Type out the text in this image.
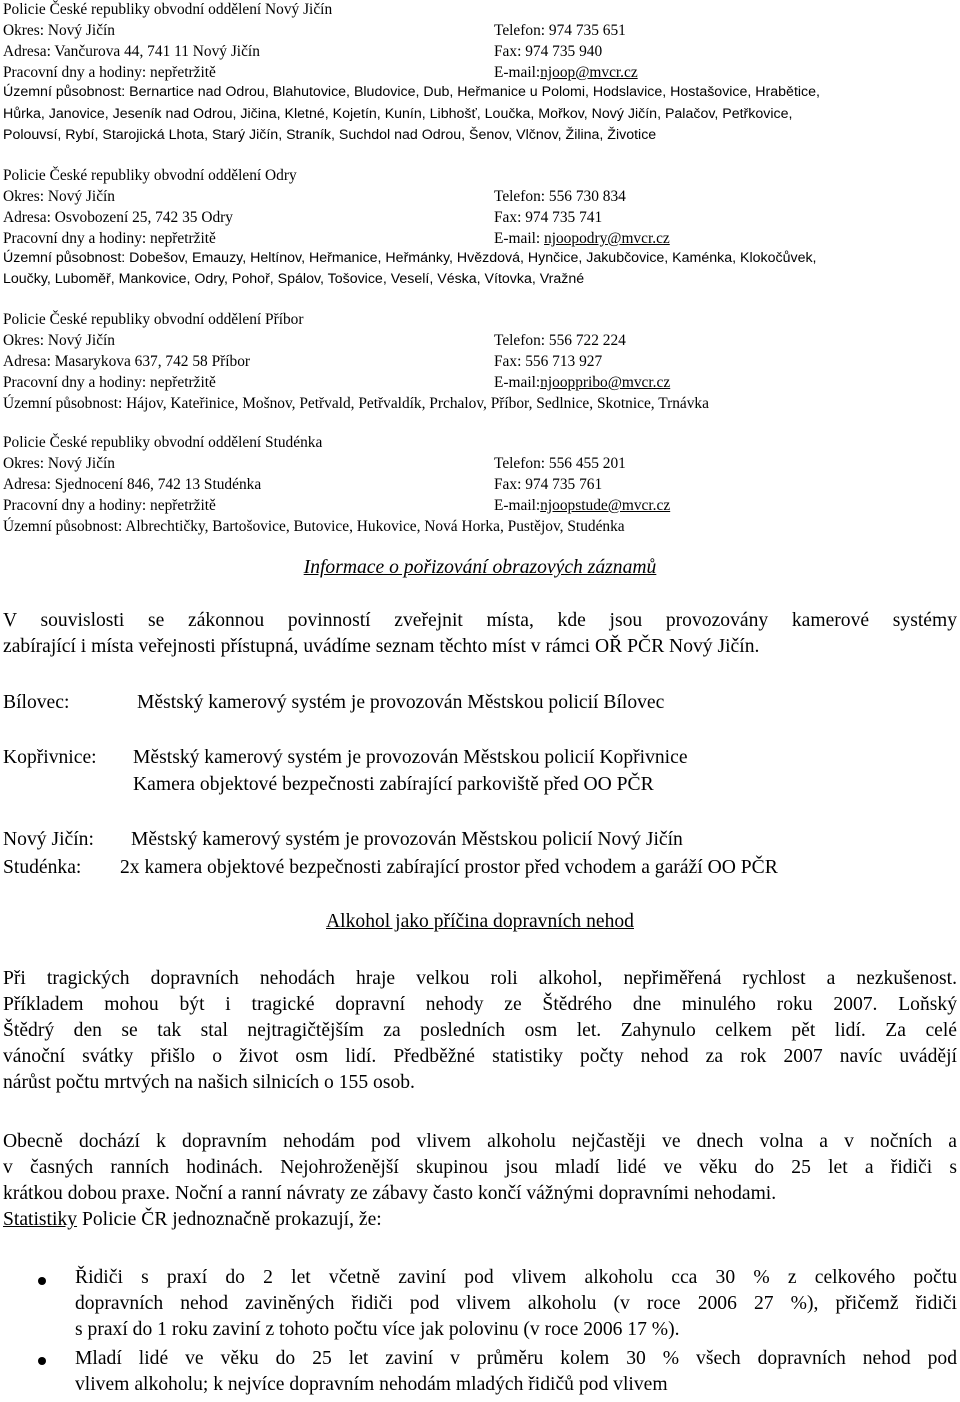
Policie České republiky obvodní oddělení Nový Jičín
Okres: Nový Jičín	Telefon: 974 735 651
Adresa: Vančurova 44, 741 11 Nový Jičín	Fax: 974 735 940
Pracovní dny a hodiny: nepřetržitě	E-mail:njoop@mvcr.cz
Územní působnost: Bernartice nad Odrou, Blahutovice, Bludovice, Dub, Heřmanice u Polomi, Hodslavice, Hostašovice, Hrabětice,
Hůrka, Janovice, Jeseník nad Odrou, Jičina, Kletné, Kojetín, Kunín, Libhošť, Loučka, Mořkov, Nový Jičín, Palačov, Petřkovice,
Polouvsí, Rybí, Starojická Lhota, Starý Jičín, Straník, Suchdol nad Odrou, Šenov, Vlčnov, Žilina, Životice
Policie České republiky obvodní oddělení Odry
Okres: Nový Jičín	Telefon: 556 730 834
Adresa: Osvobození 25, 742 35 Odry	Fax: 974 735 741
Pracovní dny a hodiny: nepřetržitě	E-mail: njoopodry@mvcr.cz
Územní působnost: Dobešov, Emauzy, Heltínov, Heřmanice, Heřmánky, Hvězdová, Hynčice, Jakubčovice, Kaménka, Klokočůvek,
Loučky, Luboměř, Mankovice, Odry, Pohoř, Spálov, Tošovice, Veselí, Véska, Vítovka, Vražné
Policie České republiky obvodní oddělení Příbor
Okres: Nový Jičín	Telefon: 556 722 224
Adresa: Masarykova 637, 742 58 Příbor	Fax: 556 713 927
Pracovní dny a hodiny: nepřetržitě	E-mail:njooppribo@mvcr.cz
Územní působnost: Hájov, Kateřinice, Mošnov, Petřvald, Petřvaldík, Prchalov, Příbor, Sedlnice, Skotnice, Trnávka
Policie České republiky obvodní oddělení Studénka
Okres: Nový Jičín	Telefon: 556 455 201
Adresa: Sjednocení 846, 742 13 Studénka	Fax: 974 735 761
Pracovní dny a hodiny: nepřetržitě	E-mail:njoopstude@mvcr.cz
Územní působnost: Albrechtičky, Bartošovice, Butovice, Hukovice, Nová Horka, Pustějov, Studénka
Informace o pořizování obrazových záznamů
V souvislosti se zákonnou povinností zveřejnit místa, kde jsou provozovány kamerové systémy
zabírající i místa veřejnosti přístupná, uvádíme seznam těchto míst v rámci OŘ PČR Nový Jičín.
Bílovec:	Městský kamerový systém je provozován Městskou policií Bílovec
Kopřivnice: Městský kamerový systém je provozován Městskou policií Kopřivnice
Kamera objektové bezpečnosti zabírající parkoviště před OO PČR
Nový Jičín: Městský kamerový systém je provozován Městskou policií Nový Jičín
Studénka: 2x kamera objektové bezpečnosti zabírající prostor před vchodem a garáží OO PČR
Alkohol jako příčina dopravních nehod
Při tragických dopravních nehodách hraje velkou roli alkohol, nepřiměřená rychlost a nezkušenost.
Příkladem mohou být i tragické dopravní nehody ze Štědrého dne minulého roku 2007. Loňský
Štědrý den se tak stal nejtragičtějším za posledních osm let. Zahynulo celkem pět lidí. Za celé
vánoční svátky přišlo o život osm lidí. Předběžné statistiky počty nehod za rok 2007 navíc uvádějí
nárůst počtu mrtvých na našich silnicích o 155 osob.
Obecně dochází k dopravním nehodám pod vlivem alkoholu nejčastěji ve dnech volna a v nočních a
v časných ranních hodinách. Nejohroženější skupinou jsou mladí lidé ve věku do 25 let a řidiči s
krátkou dobou praxe. Noční a ranní návraty ze zábavy často končí vážnými dopravními nehodami.
Statistiky Policie ČR jednoznačně prokazují, že:
Řidiči s praxí do 2 let včetně zaviní pod vlivem alkoholu cca 30 % z celkového počtu
dopravních nehod zaviněných řidiči pod vlivem alkoholu (v roce 2006 27 %), přičemž řidiči
s praxí do 1 roku zaviní z tohoto počtu více jak polovinu (v roce 2006 17 %).
Mladí lidé ve věku do 25 let zaviní v průměru kolem 30 % všech dopravních nehod pod
vlivem alkoholu; k nejvíce dopravním nehodám mladých řidičů pod vlivem
